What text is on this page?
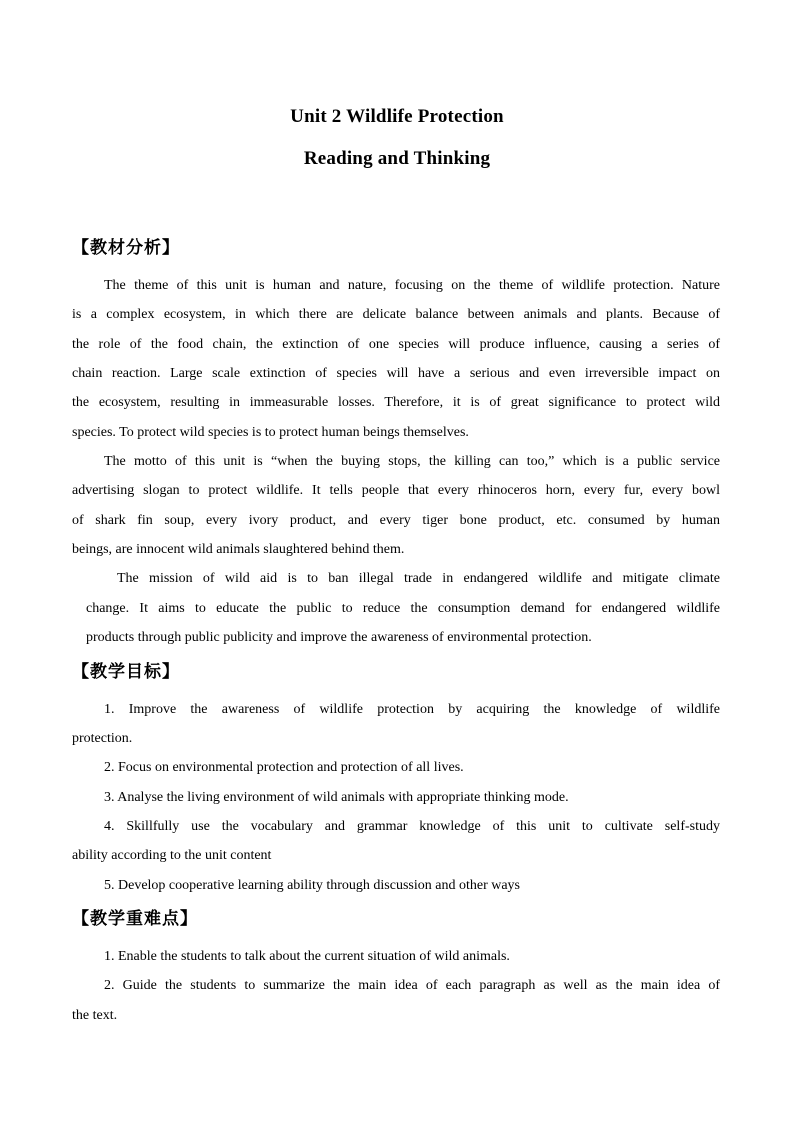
Unit 2 Wildlife Protection
Reading and Thinking
【教材分析】
The theme of this unit is human and nature, focusing on the theme of wildlife protection. Nature
is a complex ecosystem, in which there are delicate balance between animals and plants. Because of
the role of the food chain, the extinction of one species will produce influence, causing a series of
chain reaction. Large scale extinction of species will have a serious and even irreversible impact on
the ecosystem, resulting in immeasurable losses. Therefore, it is of great significance to protect wild
species. To protect wild species is to protect human beings themselves.
The motto of this unit is “when the buying stops, the killing can too,” which is a public service
advertising slogan to protect wildlife. It tells people that every rhinoceros horn, every fur, every bowl
of shark fin soup, every ivory product, and every tiger bone product, etc. consumed by human
beings, are innocent wild animals slaughtered behind them.
The mission of wild aid is to ban illegal trade in endangered wildlife and mitigate climate
change. It aims to educate the public to reduce the consumption demand for endangered wildlife
products through public publicity and improve the awareness of environmental protection.
【教学目标】
1. Improve the awareness of wildlife protection by acquiring the knowledge of wildlife
protection.
2. Focus on environmental protection and protection of all lives.
3. Analyse the living environment of wild animals with appropriate thinking mode.
4. Skillfully use the vocabulary and grammar knowledge of this unit to cultivate self-study
ability according to the unit content
5. Develop cooperative learning ability through discussion and other ways
【教学重难点】
1. Enable the students to talk about the current situation of wild animals.
2. Guide the students to summarize the main idea of each paragraph as well as the main idea of
the text.
